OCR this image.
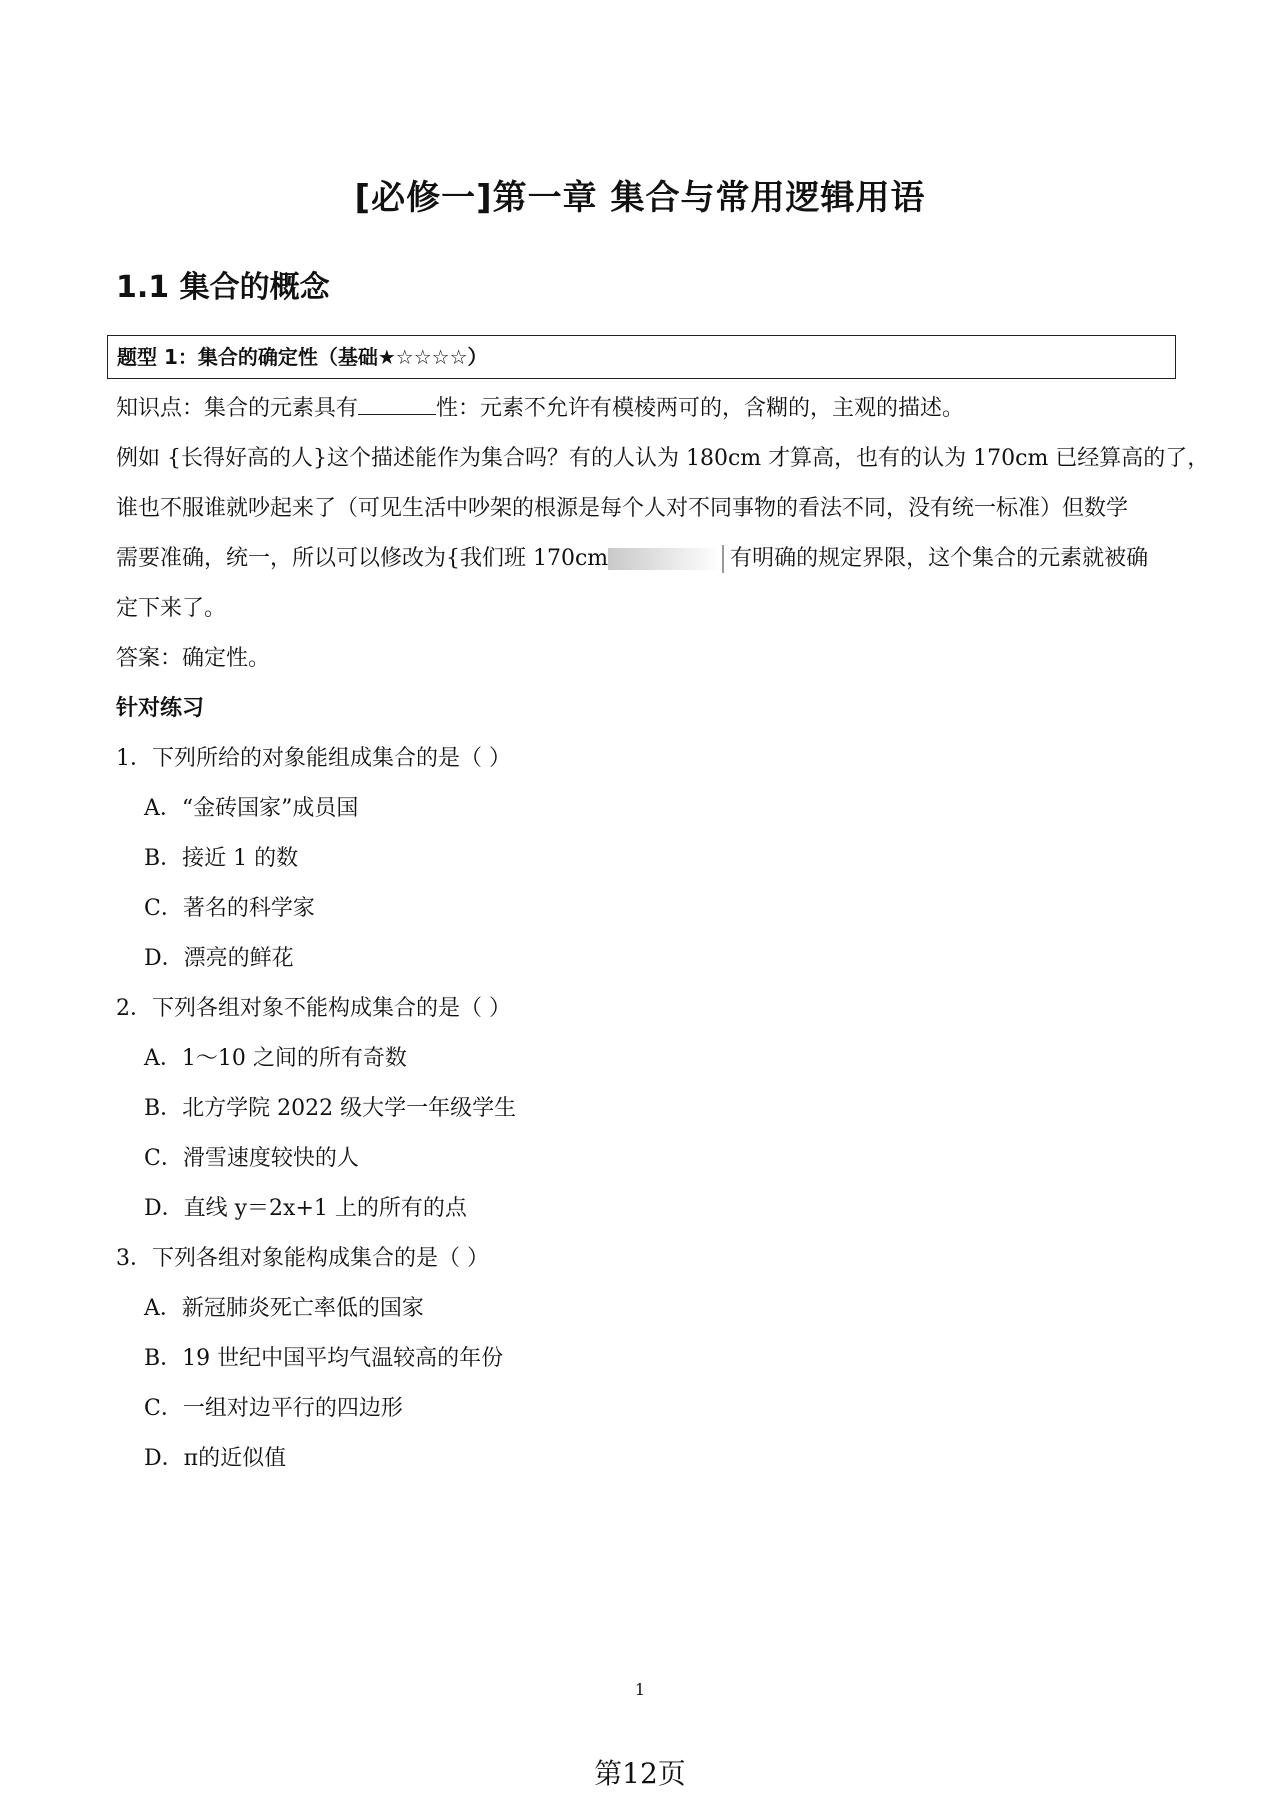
[必修一]第一章 集合与常用逻辑用语
1.1 集合的概念
题型 1：集合的确定性（基础★☆☆☆☆）
知识点：集合的元素具有	性：元素不允许有模棱两可的，含糊的，主观的描述。
例如 {长得好高的人}这个描述能作为集合吗？有的人认为 180cm 才算高，也有的认为 170cm 已经算高的了，
谁也不服谁就吵起来了（可见生活中吵架的根源是每个人对不同事物的看法不同，没有统一标准）但数学
需要准确，统一，所以可以修改为{我们班 170cm	有明确的规定界限，这个集合的元素就被确
定下来了。
答案：确定性。
针对练习
1．下列所给的对象能组成集合的是（ ）
A．“金砖国家”成员国
B．接近 1 的数
C．著名的科学家
D．漂亮的鲜花
2．下列各组对象不能构成集合的是（ ）
A．1～10 之间的所有奇数
B．北方学院 2022 级大学一年级学生
C．滑雪速度较快的人
D．直线 y＝2x+1 上的所有的点
3．下列各组对象能构成集合的是（ ）
A．新冠肺炎死亡率低的国家
B．19 世纪中国平均气温较高的年份
C．一组对边平行的四边形
D．π的近似值
1
第12页
